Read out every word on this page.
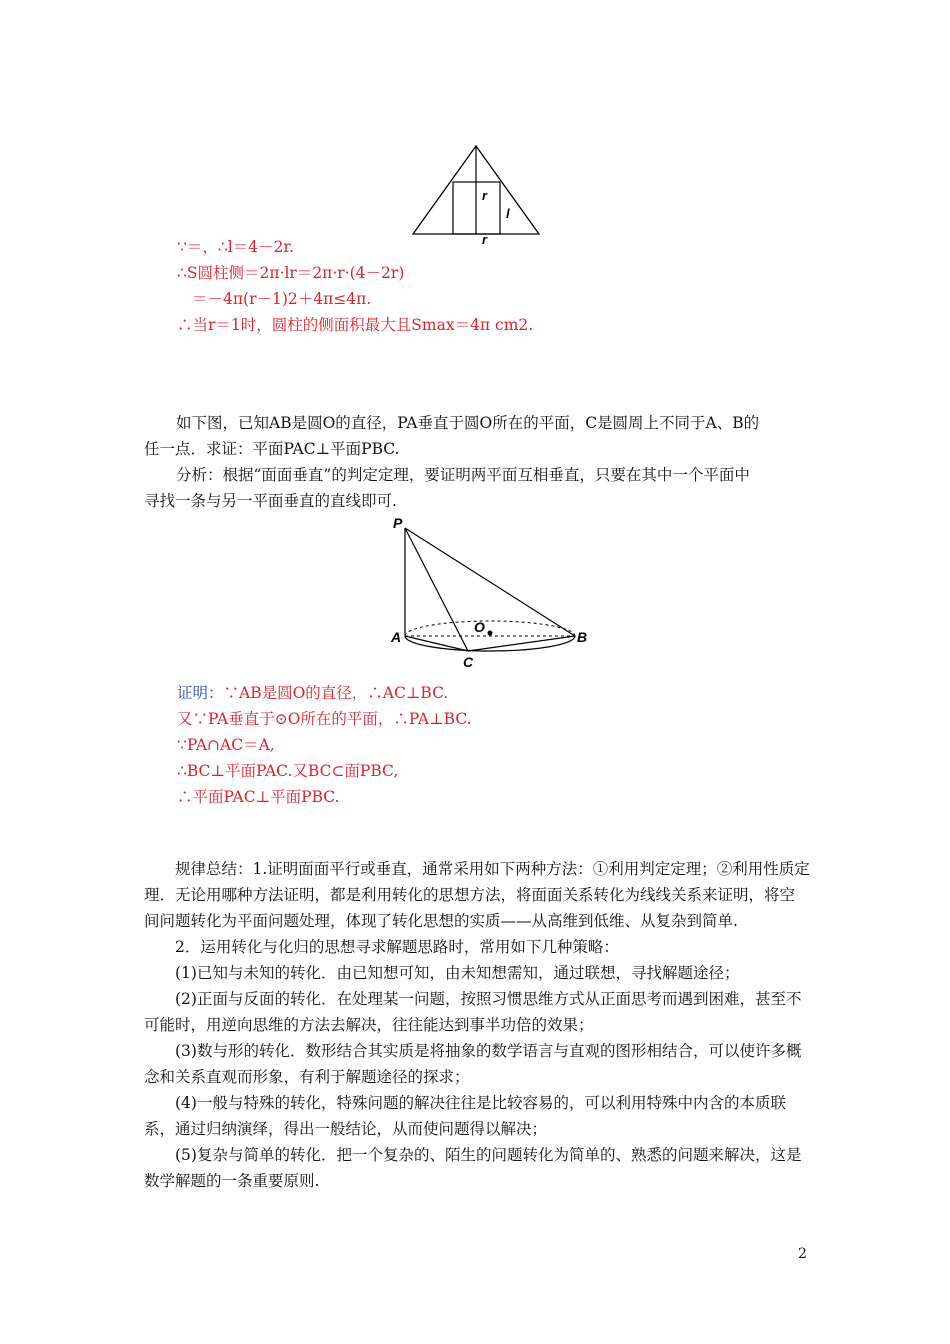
r
l
r
∵＝，∴l＝4－2r.
∴S圆柱侧＝2π·lr＝2π·r·(4－2r)
＝－4π(r－1)2＋4π≤4π.
∴当r＝1时，圆柱的侧面积最大且Smax＝4π cm2.
如下图，已知AB是圆O的直径，PA垂直于圆O所在的平面，C是圆周上不同于A、B的
任一点．求证：平面PAC⊥平面PBC.
分析：根据“面面垂直”的判定定理，要证明两平面互相垂直，只要在其中一个平面中
寻找一条与另一平面垂直的直线即可.
P
A
O
B
C
证明：∵AB是圆O的直径，∴AC⊥BC.
又∵PA垂直于⊙O所在的平面，∴PA⊥BC.
∵PA∩AC＝A,
∴BC⊥平面PAC.又BC⊂面PBC,
∴平面PAC⊥平面PBC.

规律总结：1.证明面面平行或垂直，通常采用如下两种方法：①利用判定定理；②利用性质定理．无论用哪种方法证明，都是利用转化的思想方法，将面面关系转化为线线关系来证明，将空间问题转化为平面问题处理，体现了转化思想的实质——从高维到低维、从复杂到简单.

2．运用转化与化归的思想寻求解题思路时，常用如下几种策略：

(1)已知与未知的转化．由已知想可知，由未知想需知，通过联想，寻找解题途径；

(2)正面与反面的转化．在处理某一问题，按照习惯思维方式从正面思考而遇到困难，甚至不可能时，用逆向思维的方法去解决，往往能达到事半功倍的效果；

(3)数与形的转化．数形结合其实质是将抽象的数学语言与直观的图形相结合，可以使许多概念和关系直观而形象，有利于解题途径的探求；

(4)一般与特殊的转化，特殊问题的解决往往是比较容易的，可以利用特殊中内含的本质联系，通过归纳演绎，得出一般结论，从而使问题得以解决；

(5)复杂与简单的转化．把一个复杂的、陌生的问题转化为简单的、熟悉的问题来解决，这是数学解题的一条重要原则.

2
